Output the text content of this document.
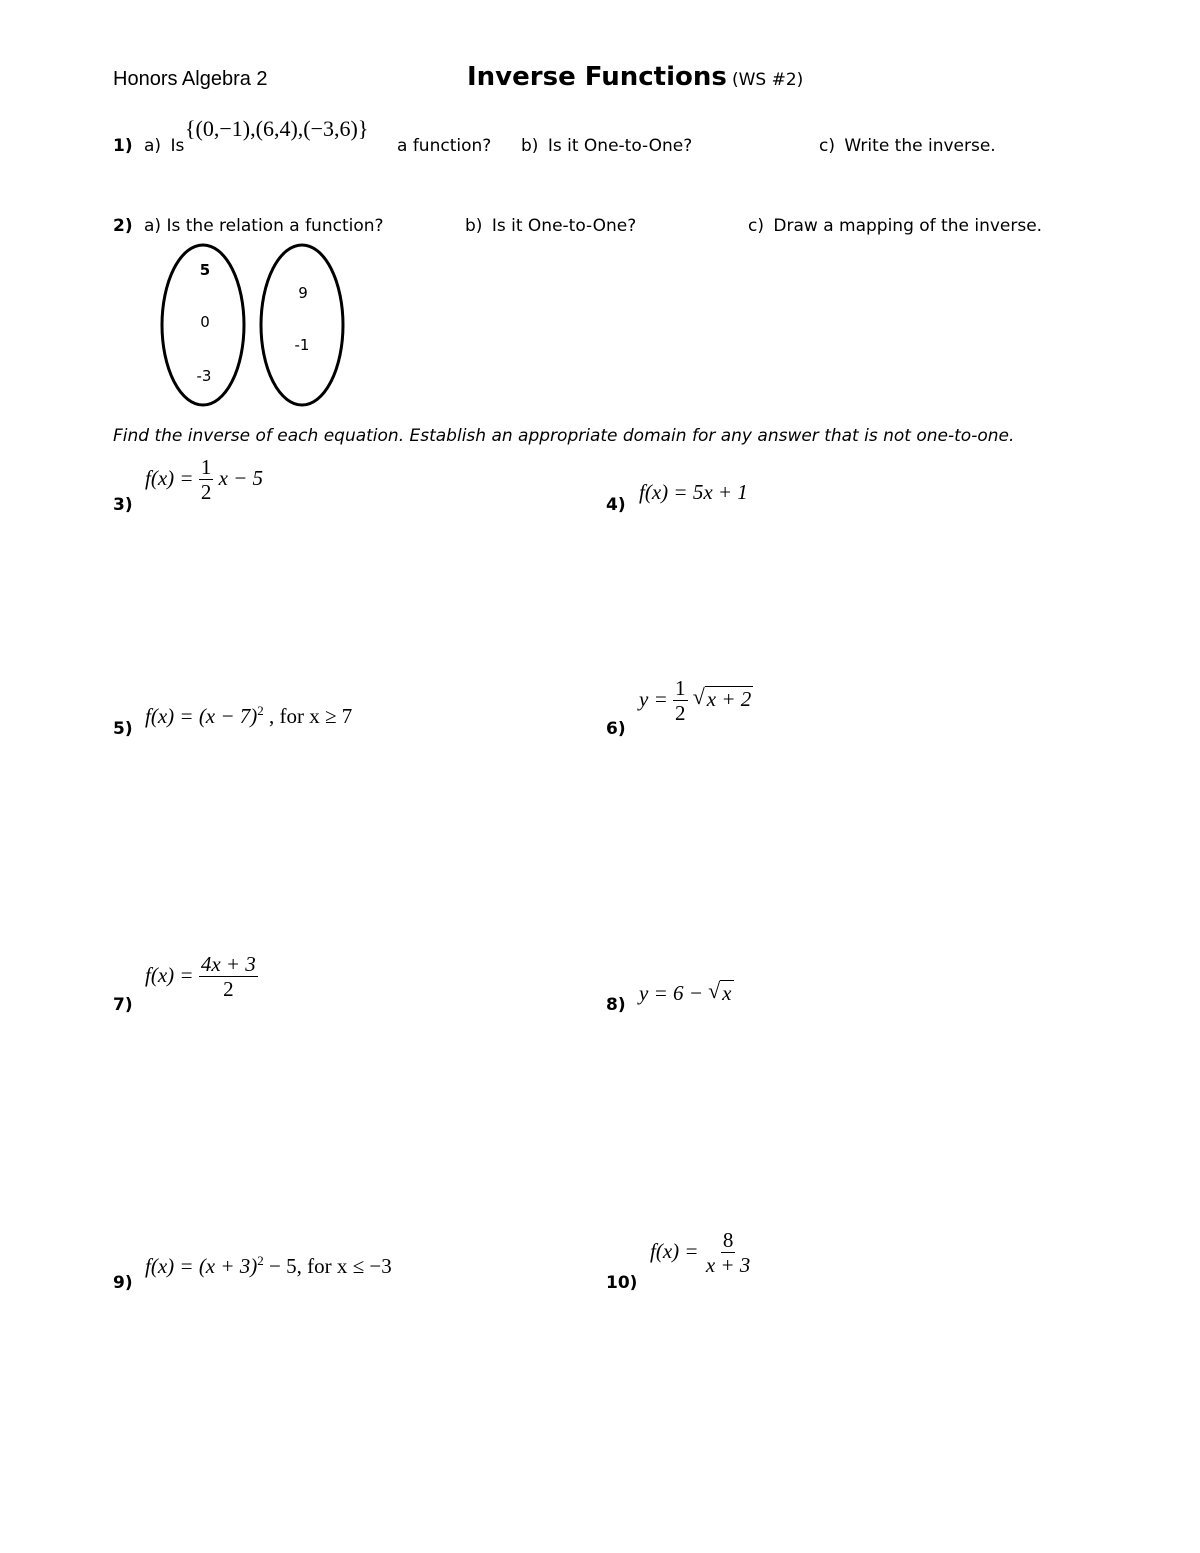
Honors Algebra 2	Inverse Functions (WS #2)
1) a) Is
{(0,−1),(6,4),(−3,6)}
a function? b) Is it One-to-One?	c) Write the inverse.
2) a) Is the relation a function?	b) Is it One-to-One?	c) Draw a mapping of the inverse.
5
0
-3
9
-1
Find the inverse of each equation. Establish an appropriate domain for any answer that is not one-to-one.
3)
$f(x) = \frac{1}{2}$ x − 5
4)
f(x) = 5x + 1
5)
$f(x) = (x - 7)^2$ , for x ≥ 7
6)
$y = \frac{1}{2}$
√ x + 2
7)
$f(x) = \frac{4x + 3}{2}$
8) y = 6 − √ x
9)
$f(x) = (x + 3)^2 - 5$, for x ≤ −3
10)
$f(x) = \frac{8}{x + 3}$
